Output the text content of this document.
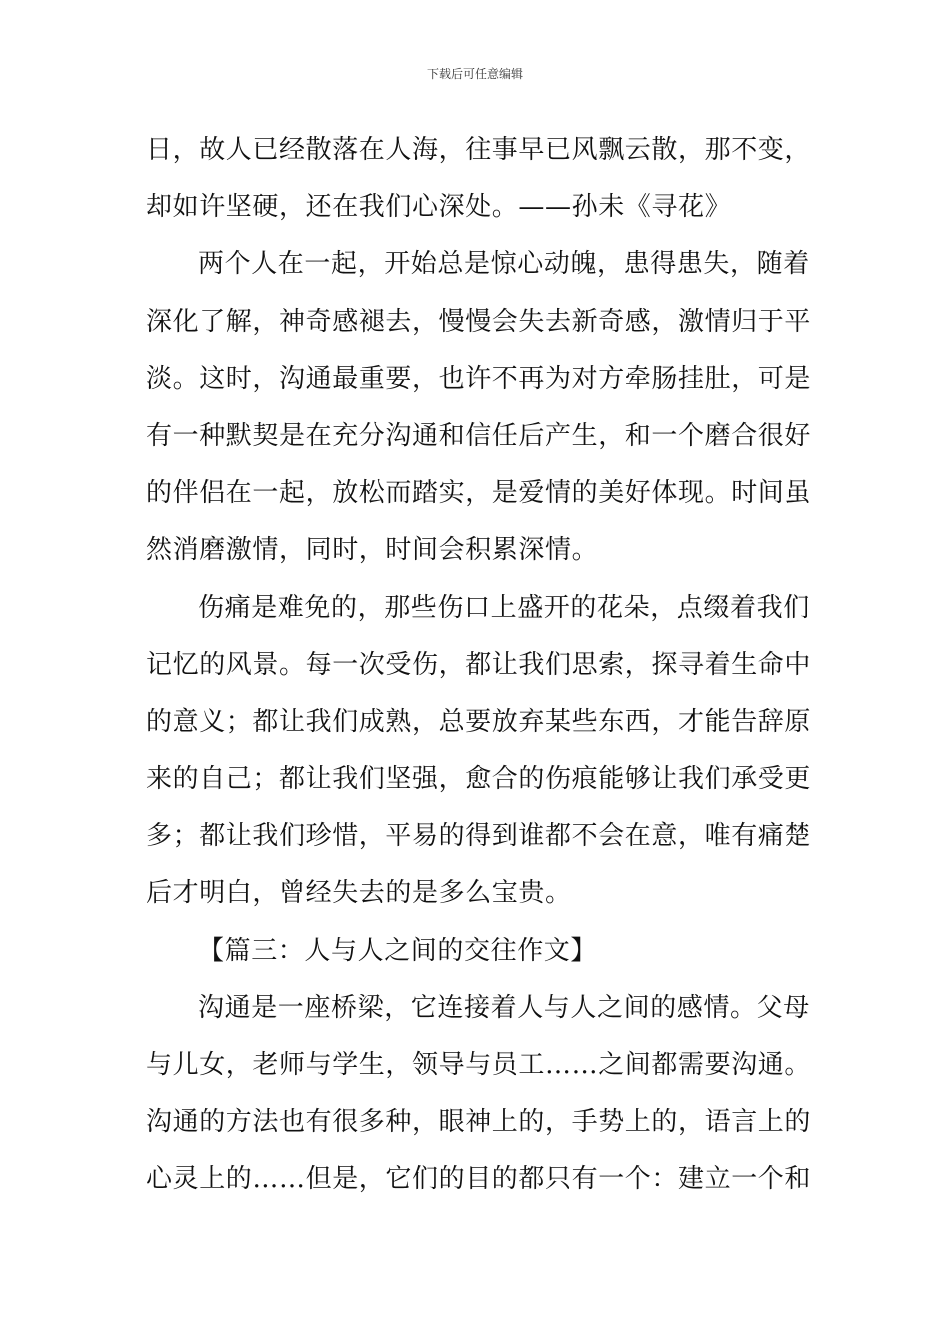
下载后可任意编辑
日，故人已经散落在人海，往事早已风飘云散，那不变，
却如许坚硬，还在我们心深处。——孙未《寻花》
两个人在一起，开始总是惊心动魄，患得患失，随着
深化了解，神奇感褪去，慢慢会失去新奇感，激情归于平
淡。这时，沟通最重要，也许不再为对方牵肠挂肚，可是
有一种默契是在充分沟通和信任后产生，和一个磨合很好
的伴侣在一起，放松而踏实，是爱情的美好体现。时间虽
然消磨激情，同时，时间会积累深情。
伤痛是难免的，那些伤口上盛开的花朵，点缀着我们
记忆的风景。每一次受伤，都让我们思索，探寻着生命中
的意义；都让我们成熟，总要放弃某些东西，才能告辞原
来的自己；都让我们坚强，愈合的伤痕能够让我们承受更
多；都让我们珍惜，平易的得到谁都不会在意，唯有痛楚
后才明白，曾经失去的是多么宝贵。
【篇三：人与人之间的交往作文】
沟通是一座桥梁，它连接着人与人之间的感情。父母
与儿女，老师与学生，领导与员工……之间都需要沟通。
沟通的方法也有很多种，眼神上的，手势上的，语言上的
心灵上的……但是，它们的目的都只有一个：建立一个和
